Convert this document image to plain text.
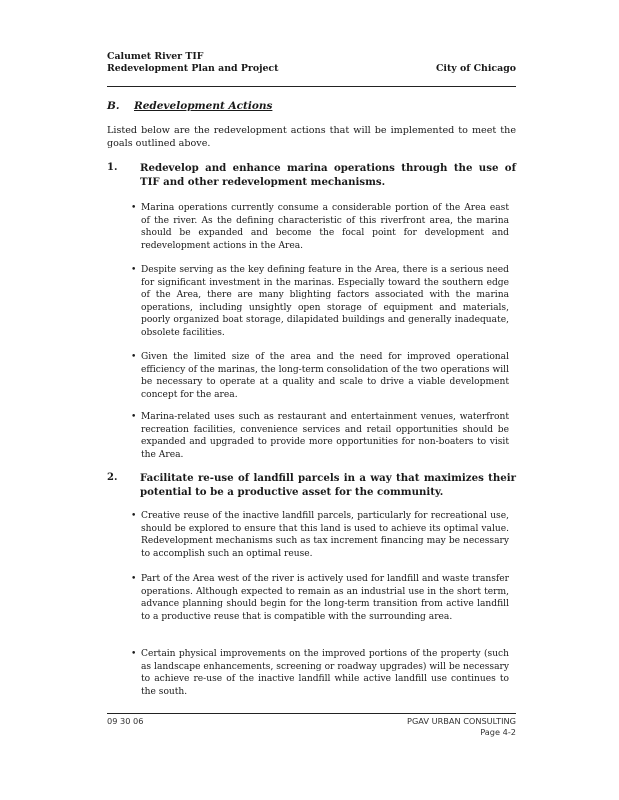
Calumet River TIF
Redevelopment Plan and Project	City of Chicago
B. Redevelopment Actions
Listed below are the redevelopment actions that will be implemented to meet the goals outlined above.
1. Redevelop and enhance marina operations through the use of TIF and other redevelopment mechanisms.
• Marina operations currently consume a considerable portion of the Area east of the river. As the defining characteristic of this riverfront area, the marina should be expanded and become the focal point for development and redevelopment actions in the Area.
• Despite serving as the key defining feature in the Area, there is a serious need for significant investment in the marinas. Especially toward the southern edge of the Area, there are many blighting factors associated with the marina operations, including unsightly open storage of equipment and materials, poorly organized boat storage, dilapidated buildings and generally inadequate, obsolete facilities.
• Given the limited size of the area and the need for improved operational efficiency of the marinas, the long-term consolidation of the two operations will be necessary to operate at a quality and scale to drive a viable development concept for the area.
• Marina-related uses such as restaurant and entertainment venues, waterfront recreation facilities, convenience services and retail opportunities should be expanded and upgraded to provide more opportunities for non-boaters to visit the Area.
2. Facilitate re-use of landfill parcels in a way that maximizes their potential to be a productive asset for the community.
• Creative reuse of the inactive landfill parcels, particularly for recreational use, should be explored to ensure that this land is used to achieve its optimal value. Redevelopment mechanisms such as tax increment financing may be necessary to accomplish such an optimal reuse.
• Part of the Area west of the river is actively used for landfill and waste transfer operations. Although expected to remain as an industrial use in the short term, advance planning should begin for the long-term transition from active landfill to a productive reuse that is compatible with the surrounding area.
• Certain physical improvements on the improved portions of the property (such as landscape enhancements, screening or roadway upgrades) will be necessary to achieve re-use of the inactive landfill while active landfill use continues to the south.
09 30 06	PGAV URBAN CONSULTING
Page 4-2
